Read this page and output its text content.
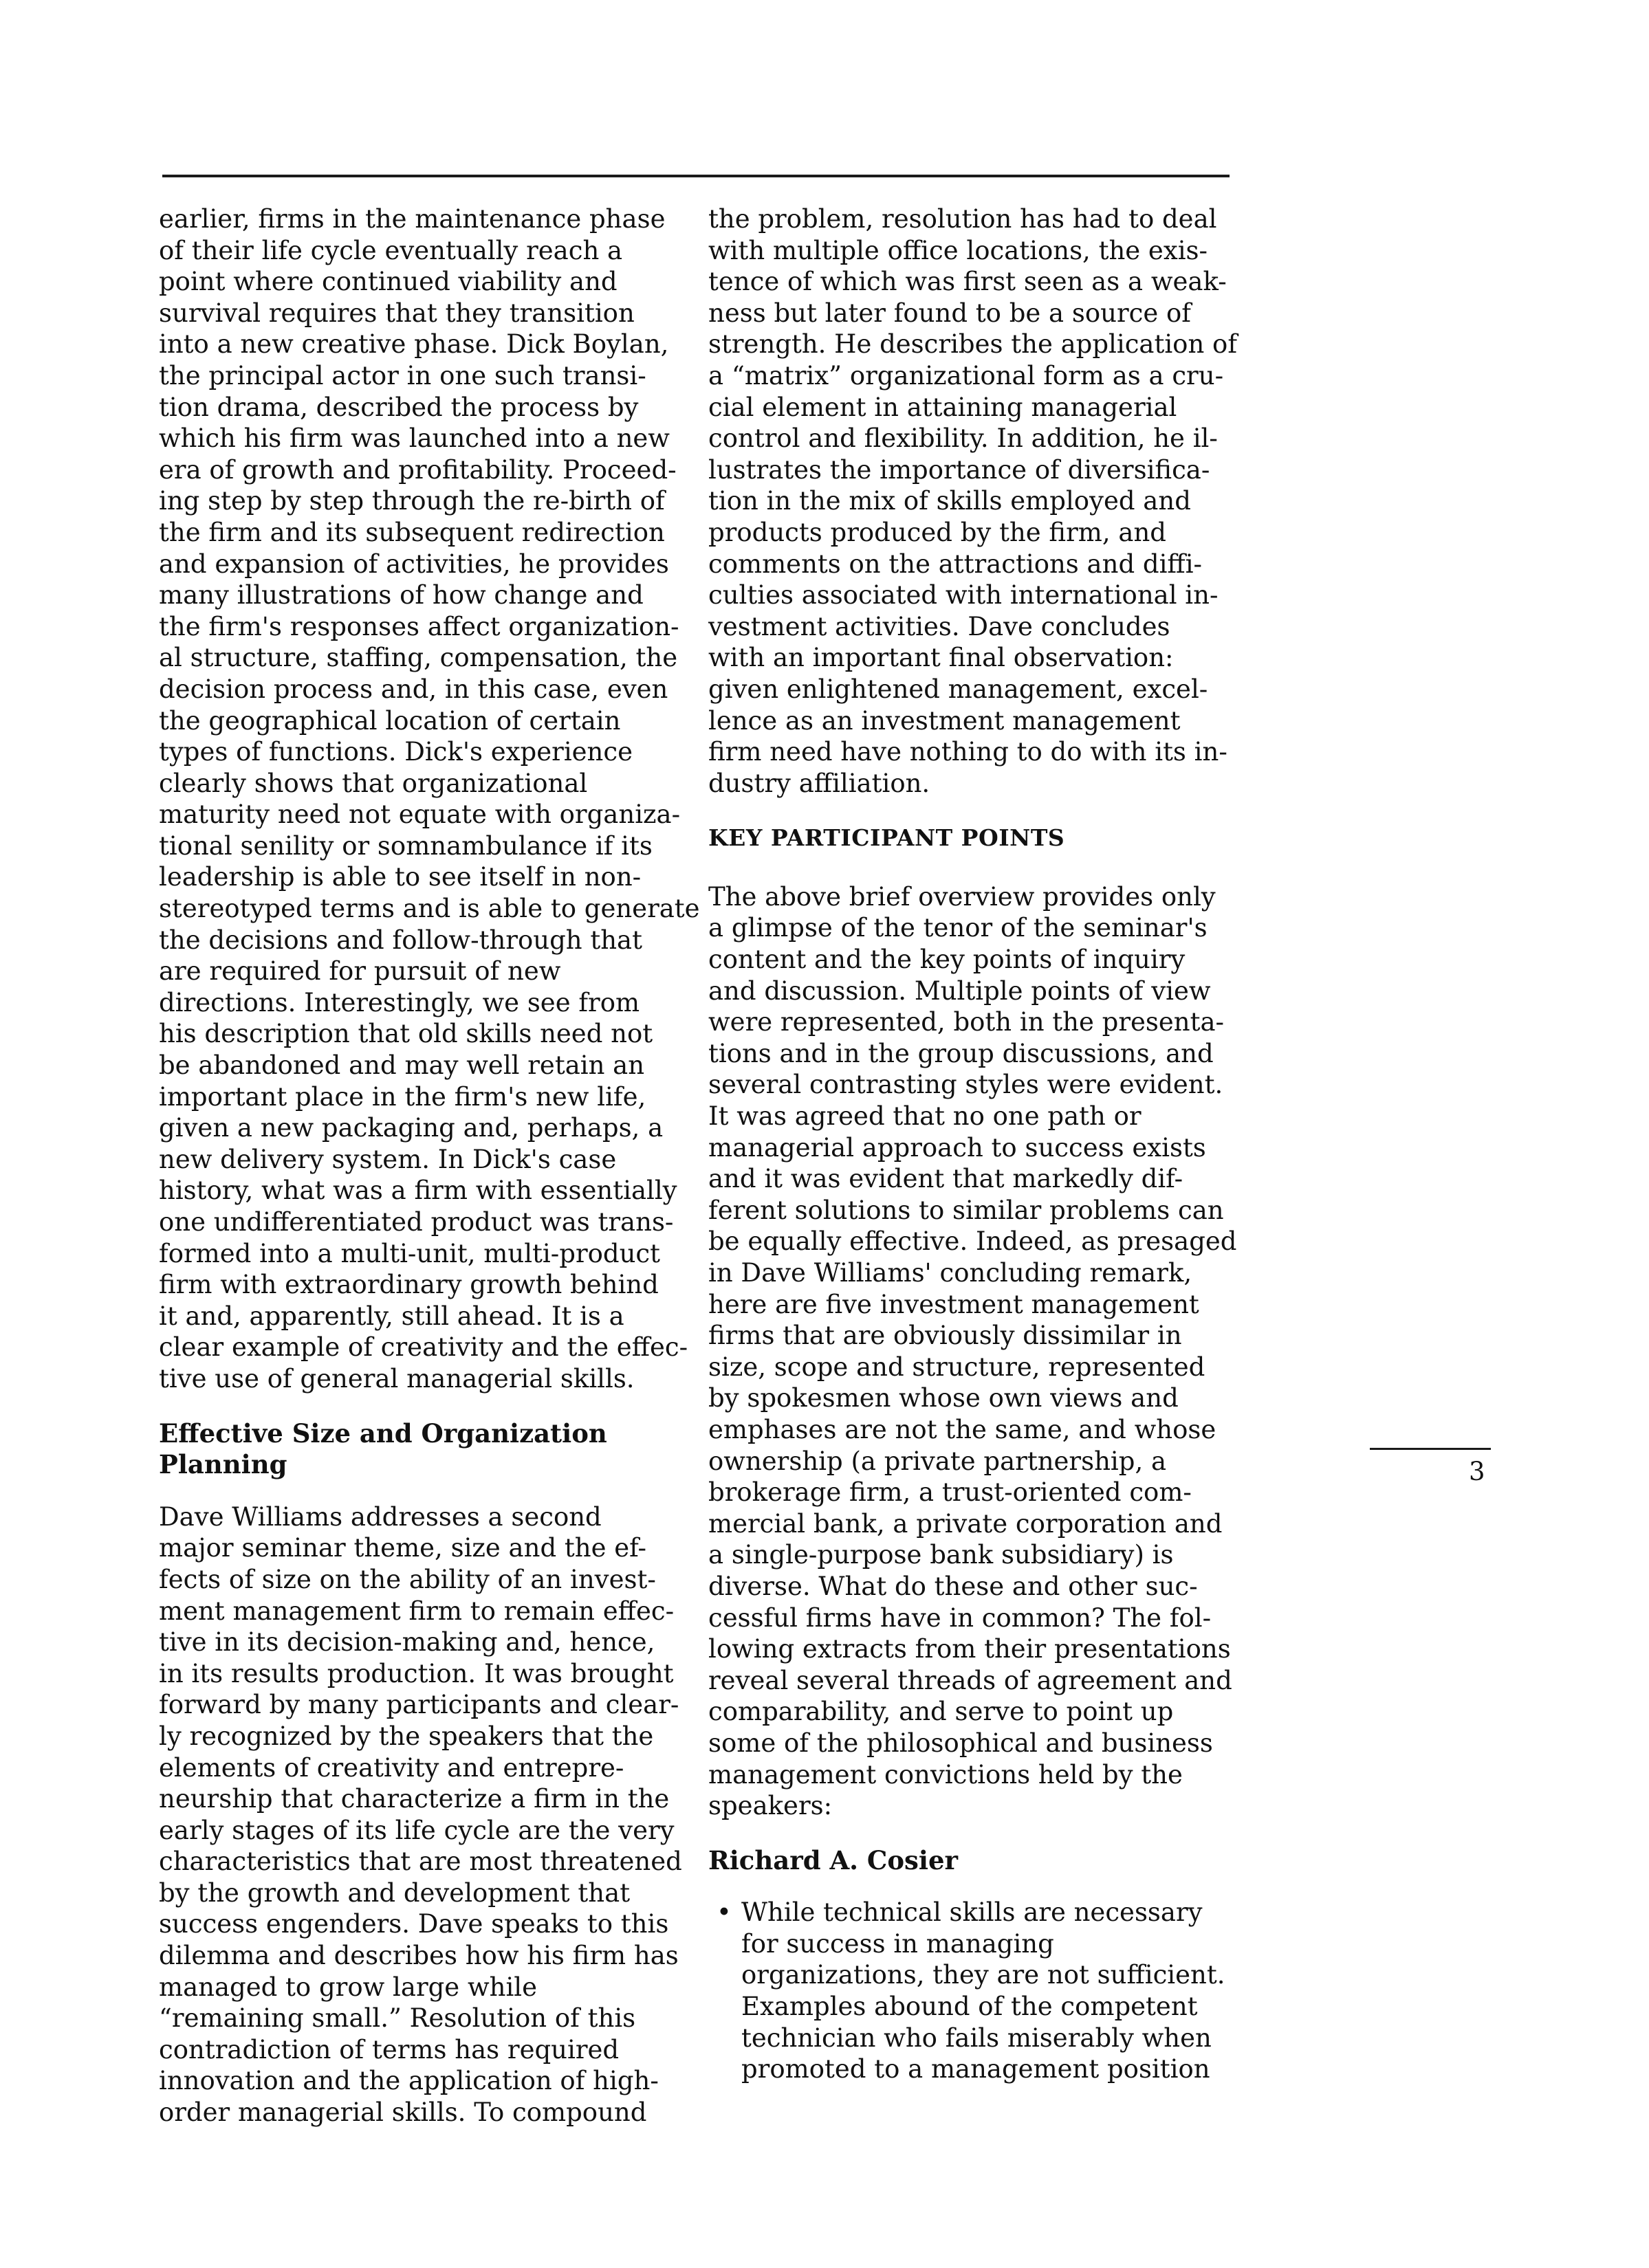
earlier, firms in the maintenance phase
of their life cycle eventually reach a
point where continued viability and
survival requires that they transition
into a new creative phase. Dick Boylan,
the principal actor in one such transi-
tion drama, described the process by
which his firm was launched into a new
era of growth and profitability. Proceed-
ing step by step through the re-birth of
the firm and its subsequent redirection
and expansion of activities, he provides
many illustrations of how change and
the firm's responses affect organization-
al structure, staffing, compensation, the
decision process and, in this case, even
the geographical location of certain
types of functions. Dick's experience
clearly shows that organizational
maturity need not equate with organiza-
tional senility or somnambulance if its
leadership is able to see itself in non-
stereotyped terms and is able to generate
the decisions and follow-through that
are required for pursuit of new
directions. Interestingly, we see from
his description that old skills need not
be abandoned and may well retain an
important place in the firm's new life,
given a new packaging and, perhaps, a
new delivery system. In Dick's case
history, what was a firm with essentially
one undifferentiated product was trans-
formed into a multi-unit, multi-product
firm with extraordinary growth behind
it and, apparently, still ahead. It is a
clear example of creativity and the effec-
tive use of general managerial skills.
Effective Size and Organization
Planning
Dave Williams addresses a second
major seminar theme, size and the ef-
fects of size on the ability of an invest-
ment management firm to remain effec-
tive in its decision-making and, hence,
in its results production. It was brought
forward by many participants and clear-
ly recognized by the speakers that the
elements of creativity and entrepre-
neurship that characterize a firm in the
early stages of its life cycle are the very
characteristics that are most threatened
by the growth and development that
success engenders. Dave speaks to this
dilemma and describes how his firm has
managed to grow large while
“remaining small.” Resolution of this
contradiction of terms has required
innovation and the application of high-
order managerial skills. To compound
the problem, resolution has had to deal
with multiple office locations, the exis-
tence of which was first seen as a weak-
ness but later found to be a source of
strength. He describes the application of
a “matrix” organizational form as a cru-
cial element in attaining managerial
control and flexibility. In addition, he il-
lustrates the importance of diversifica-
tion in the mix of skills employed and
products produced by the firm, and
comments on the attractions and diffi-
culties associated with international in-
vestment activities. Dave concludes
with an important final observation:
given enlightened management, excel-
lence as an investment management
firm need have nothing to do with its in-
dustry affiliation.
KEY PARTICIPANT POINTS
The above brief overview provides only
a glimpse of the tenor of the seminar's
content and the key points of inquiry
and discussion. Multiple points of view
were represented, both in the presenta-
tions and in the group discussions, and
several contrasting styles were evident.
It was agreed that no one path or
managerial approach to success exists
and it was evident that markedly dif-
ferent solutions to similar problems can
be equally effective. Indeed, as presaged
in Dave Williams' concluding remark,
here are five investment management
firms that are obviously dissimilar in
size, scope and structure, represented
by spokesmen whose own views and
emphases are not the same, and whose
ownership (a private partnership, a
brokerage firm, a trust-oriented com-
mercial bank, a private corporation and
a single-purpose bank subsidiary) is
diverse. What do these and other suc-
cessful firms have in common? The fol-
lowing extracts from their presentations
reveal several threads of agreement and
comparability, and serve to point up
some of the philosophical and business
management convictions held by the
speakers:
Richard A. Cosier
• While technical skills are necessary
for success in managing
organizations, they are not sufficient.
Examples abound of the competent
technician who fails miserably when
promoted to a management position
3
